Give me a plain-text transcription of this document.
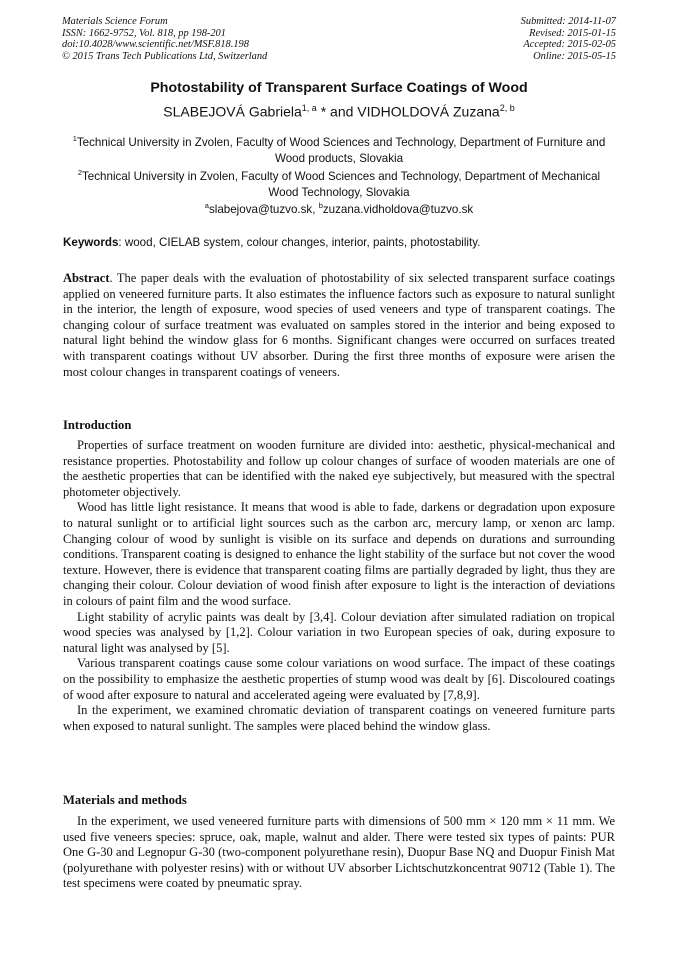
Materials Science Forum
ISSN: 1662-9752, Vol. 818, pp 198-201
doi:10.4028/www.scientific.net/MSF.818.198
© 2015 Trans Tech Publications Ltd, Switzerland
Submitted: 2014-11-07
Revised: 2015-01-15
Accepted: 2015-02-05
Online: 2015-05-15
Photostability of Transparent Surface Coatings of Wood
SLABEJOVÁ Gabriela$^{1, a}$ * and VIDHOLDOVÁ Zuzana$^{2, b}$
$^1$Technical University in Zvolen, Faculty of Wood Sciences and Technology, Department of Furniture and Wood products, Slovakia
$^2$Technical University in Zvolen, Faculty of Wood Sciences and Technology, Department of Mechanical Wood Technology, Slovakia
$^a$slabejova@tuzvo.sk, $^b$zuzana.vidholdova@tuzvo.sk
Keywords: wood, CIELAB system, colour changes, interior, paints, photostability.
Abstract. The paper deals with the evaluation of photostability of six selected transparent surface coatings applied on veneered furniture parts. It also estimates the influence factors such as exposure to natural sunlight in the interior, the length of exposure, wood species of used veneers and type of transparent coatings. The changing colour of surface treatment was evaluated on samples stored in the interior and being exposed to natural light behind the window glass for 6 months. Significant changes were occurred on surfaces treated with transparent coatings without UV absorber. During the first three months of exposure were arisen the most colour changes in transparent coatings of veneers.
Introduction

Properties of surface treatment on wooden furniture are divided into: aesthetic, physical-mechanical and resistance properties. Photostability and follow up colour changes of surface of wooden materials are one of the aesthetic properties that can be identified with the naked eye subjectively, but measured with the spectral photometer objectively.

Wood has little light resistance. It means that wood is able to fade, darkens or degradation upon exposure to natural sunlight or to artificial light sources such as the carbon arc, mercury lamp, or xenon arc lamp. Changing colour of wood by sunlight is visible on its surface and depends on durations and surrounding conditions. Transparent coating is designed to enhance the light stability of the surface but not cover the wood texture. However, there is evidence that transparent coating films are partially degraded by light, thus they are changing their colour. Colour deviation of wood finish after exposure to light is the interaction of deviations in colours of paint film and the wood surface.

Light stability of acrylic paints was dealt by [3,4]. Colour deviation after simulated radiation on tropical wood species was analysed by [1,2]. Colour variation in two European species of oak, during exposure to natural light was analysed by [5].

Various transparent coatings cause some colour variations on wood surface. The impact of these coatings on the possibility to emphasize the aesthetic properties of stump wood was dealt by [6]. Discoloured coatings of wood after exposure to natural and accelerated ageing were evaluated by [7,8,9].

In the experiment, we examined chromatic deviation of transparent coatings on veneered furniture parts when exposed to natural sunlight. The samples were placed behind the window glass.

Materials and methods

In the experiment, we used veneered furniture parts with dimensions of 500 mm × 120 mm × 11 mm. We used five veneers species: spruce, oak, maple, walnut and alder. There were tested six types of paints: PUR One G-30 and Legnopur G-30 (two-component polyurethane resin), Duopur Base NQ and Duopur Finish Mat (polyurethane with polyester resins) with or without UV absorber Lichtschutzkoncentrat 90712 (Table 1). The test specimens were coated by pneumatic spray.
